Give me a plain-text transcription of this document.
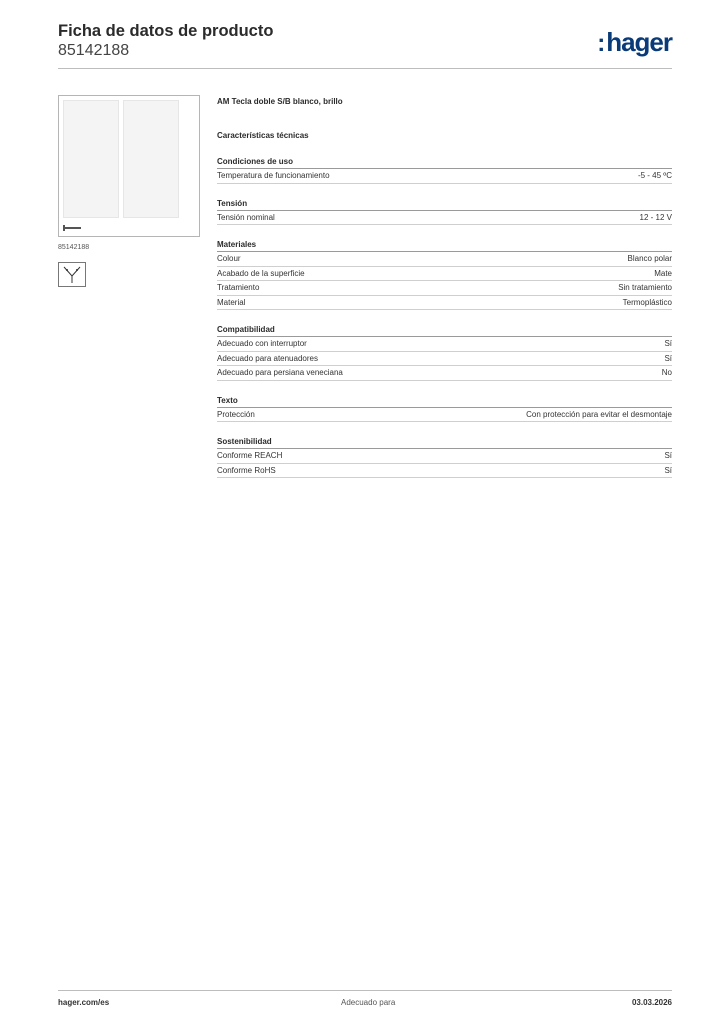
Ficha de datos de producto
85142188	:hager
85142188
AM Tecla doble S/B blanco, brillo
Características técnicas
Condiciones de uso
Temperatura de funcionamiento	-5 - 45 ºC
Tensión
Tensión nominal	12 - 12 V
Materiales
Colour	Blanco polar
Acabado de la superficie	Mate
Tratamiento	Sin tratamiento
Material	Termoplástico
Compatibilidad
Adecuado con interruptor	Sí
Adecuado para atenuadores	Sí
Adecuado para persiana veneciana	No
Texto
Protección	Con protección para evitar el desmontaje
Sostenibilidad
Conforme REACH	Sí
Conforme RoHS	Sí
hager.com/es	Adecuado para	03.03.2026
